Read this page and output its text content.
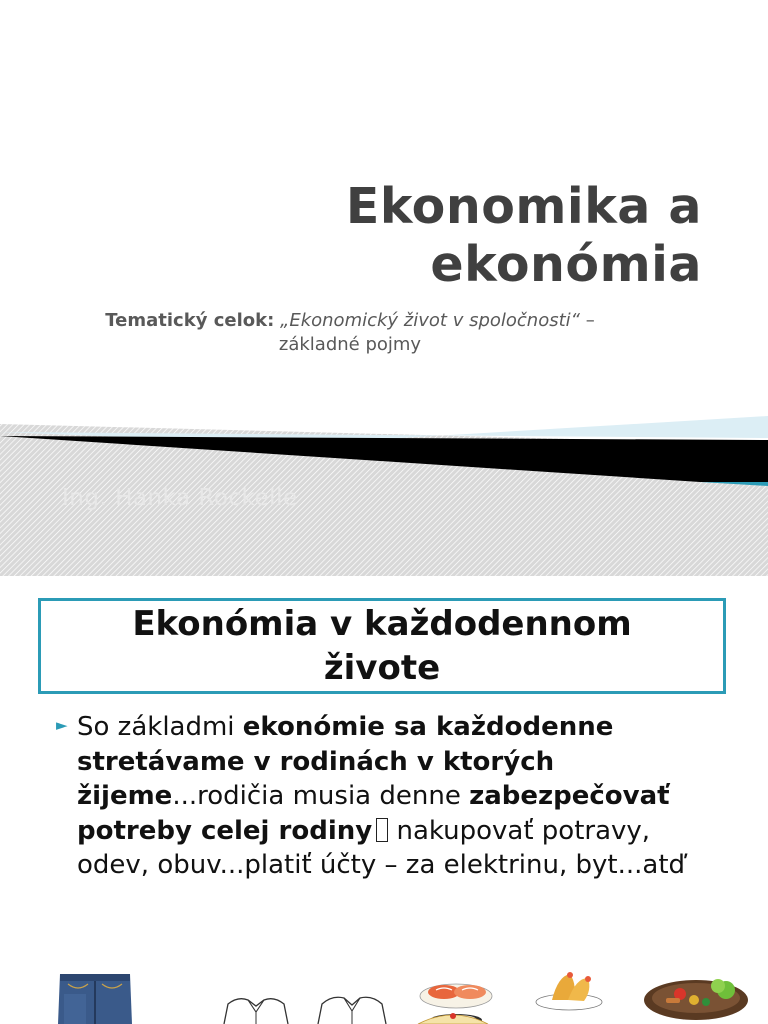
Ekonomika a
ekonómia
Tematický celok: „Ekonomický život v spoločnosti“ –
základné pojmy
Ing. Hanka Rockelle
Ekonómia v každodennom
živote
► So základmi ekonómie sa každodenne stretávame v rodinách v ktorých žijeme...rodičia musia denne zabezpečovať potreby celej rodiny nakupovať potravy, odev, obuv...platiť účty – za elektrinu, byt...atď
